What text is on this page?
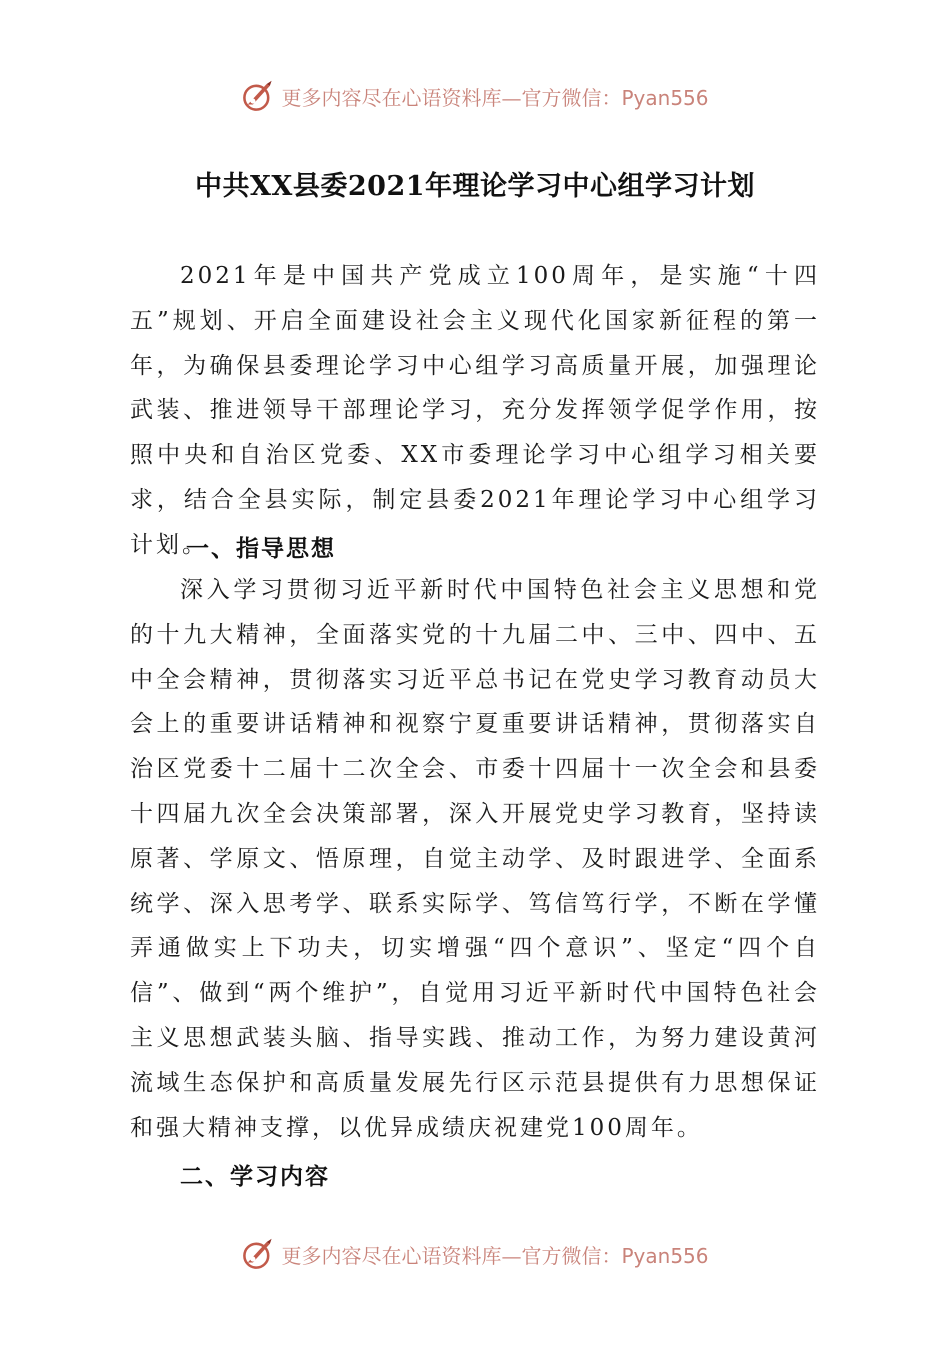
更多内容尽在心语资料库—官方微信：Pyan556
中共XX县委2021年理论学习中心组学习计划

2021年是中国共产党成立100周年，是实施“十四五”规划、开启全面建设社会主义现代化国家新征程的第一年，为确保县委理论学习中心组学习高质量开展，加强理论武装、推进领导干部理论学习，充分发挥领学促学作用，按照中央和自治区党委、XX市委理论学习中心组学习相关要求，结合全县实际，制定县委2021年理论学习中心组学习计划。

一、指导思想

深入学习贯彻习近平新时代中国特色社会主义思想和党的十九大精神，全面落实党的十九届二中、三中、四中、五中全会精神，贯彻落实习近平总书记在党史学习教育动员大会上的重要讲话精神和视察宁夏重要讲话精神，贯彻落实自治区党委十二届十二次全会、市委十四届十一次全会和县委十四届九次全会决策部署，深入开展党史学习教育，坚持读原著、学原文、悟原理，自觉主动学、及时跟进学、全面系统学、深入思考学、联系实际学、笃信笃行学，不断在学懂弄通做实上下功夫，切实增强“四个意识”、坚定“四个自信”、做到“两个维护”，自觉用习近平新时代中国特色社会主义思想武装头脑、指导实践、推动工作，为努力建设黄河流域生态保护和高质量发展先行区示范县提供有力思想保证和强大精神支撑，以优异成绩庆祝建党100周年。

二、学习内容
更多内容尽在心语资料库—官方微信：Pyan556
